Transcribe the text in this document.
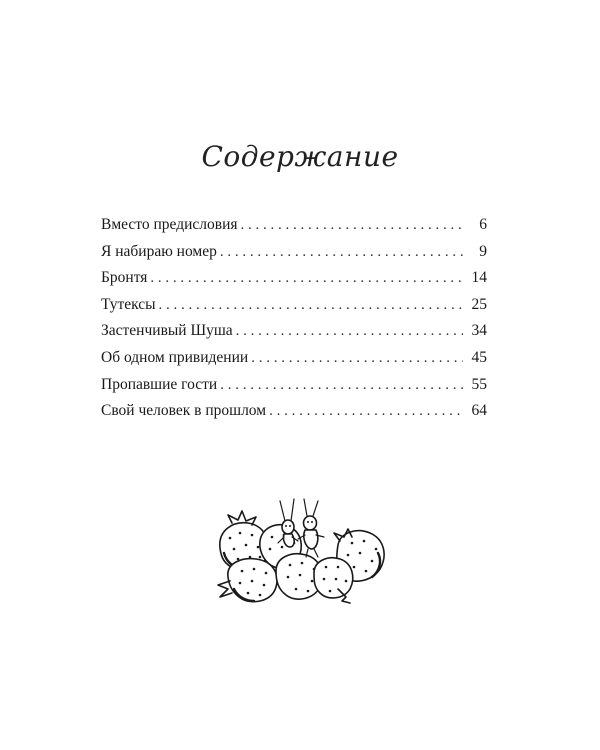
Содержание
Вместо предисловия . . .	6
Я набираю номер . . .	9
Бронтя . . .	14
Тутексы . . .	25
Застенчивый Шуша . . .	34
Об одном привидении . . .	45
Пропавшие гости . . .	55
Свой человек в прошлом . . .	64
